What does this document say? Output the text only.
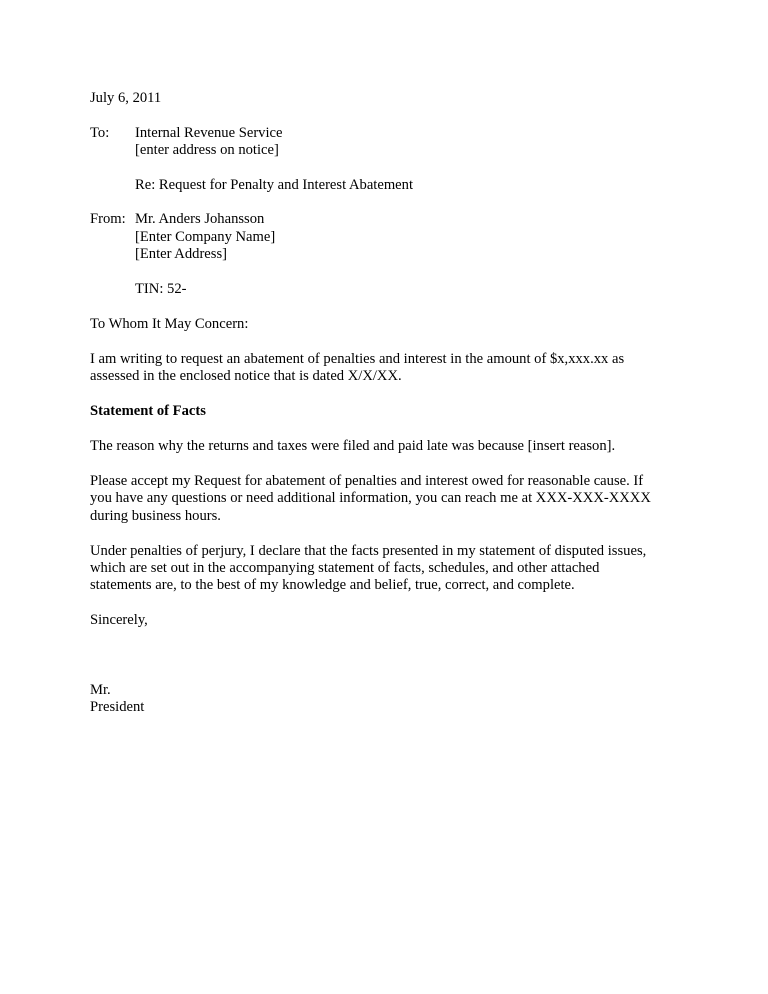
July 6, 2011
To: Internal Revenue Service
[enter address on notice]
Re: Request for Penalty and Interest Abatement
From: Mr. Anders Johansson
[Enter Company Name]
[Enter Address]
TIN: 52-
To Whom It May Concern:
I am writing to request an abatement of penalties and interest in the amount of $x,xxx.xx as
assessed in the enclosed notice that is dated X/X/XX.
Statement of Facts
The reason why the returns and taxes were filed and paid late was because [insert reason].
Please accept my Request for abatement of penalties and interest owed for reasonable cause. If
you have any questions or need additional information, you can reach me at XXX-XXX-XXXX
during business hours.
Under penalties of perjury, I declare that the facts presented in my statement of disputed issues,
which are set out in the accompanying statement of facts, schedules, and other attached
statements are, to the best of my knowledge and belief, true, correct, and complete.
Sincerely,
Mr.
President
